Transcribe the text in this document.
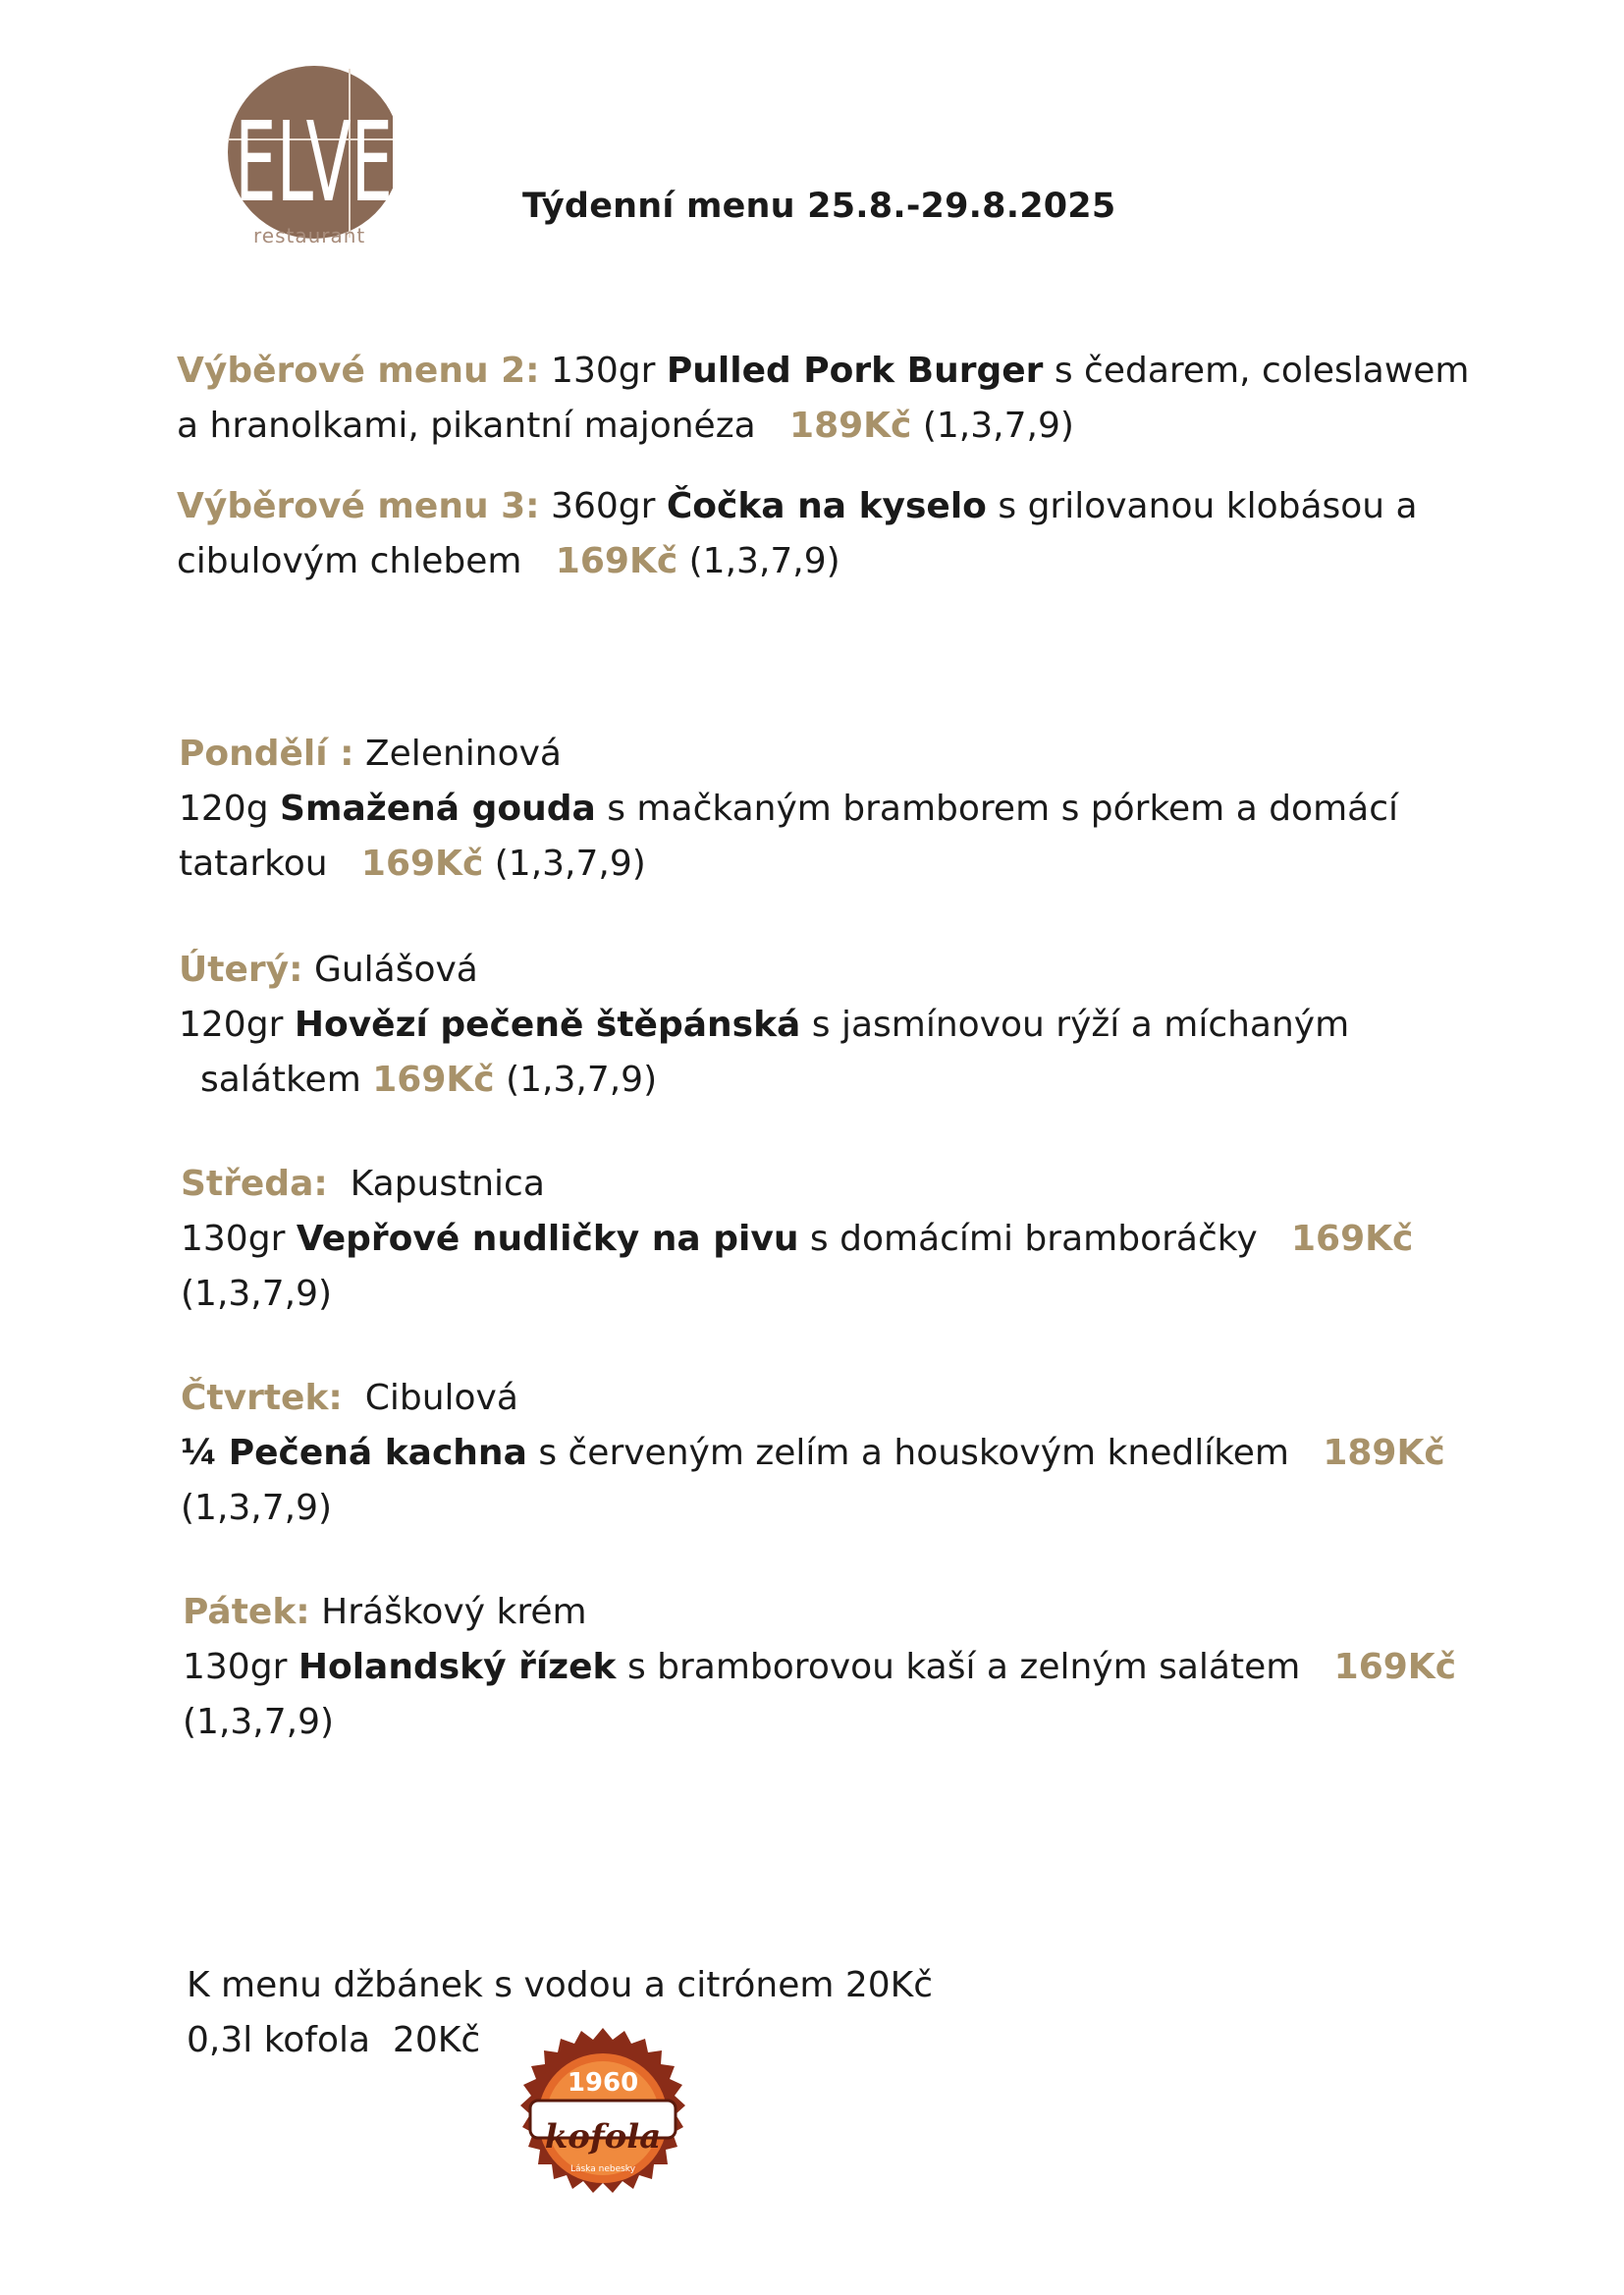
ELVE
restaurant
Týdenní menu 25.8.-29.8.2025
Výběrové menu 2: 130gr Pulled Pork Burger s čedarem, coleslawem
a hranolkami, pikantní majonéza 189Kč (1,3,7,9)
Výběrové menu 3: 360gr Čočka na kyselo s grilovanou klobásou a
cibulovým chlebem 169Kč (1,3,7,9)
Pondělí : Zeleninová
120g Smažená gouda s mačkaným bramborem s pórkem a domácí
tatarkou 169Kč (1,3,7,9)
Úterý: Gulášová
120gr Hovězí pečeně štěpánská s jasmínovou rýží a míchaným
salátkem 169Kč (1,3,7,9)
Středa: Kapustnica
130gr Vepřové nudličky na pivu s domácími bramboráčky 169Kč
(1,3,7,9)
Čtvrtek: Cibulová
¼ Pečená kachna s červeným zelím a houskovým knedlíkem 189Kč
(1,3,7,9)
Pátek: Hráškový krém
130gr Holandský řízek s bramborovou kaší a zelným salátem 169Kč
(1,3,7,9)
K menu džbánek s vodou a citrónem 20Kč
0,3l kofola  20Kč
1960
kofola
Láska nebesky
